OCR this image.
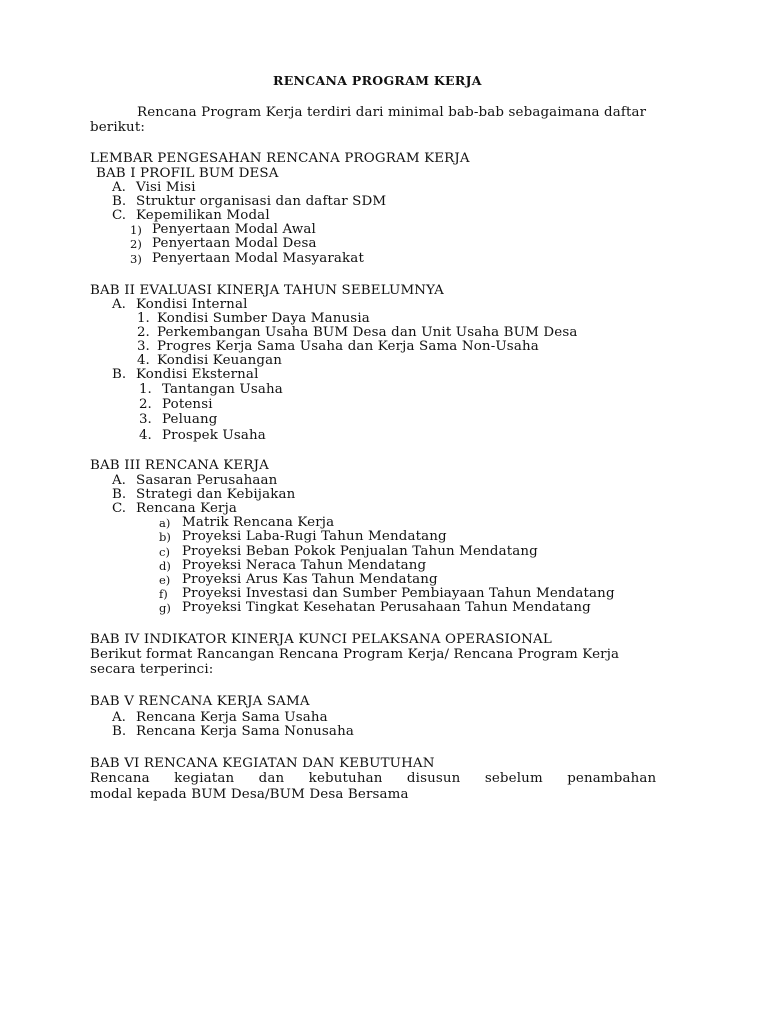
RENCANA PROGRAM KERJA
Rencana Program Kerja terdiri dari minimal bab-bab sebagaimana daftar
berikut:
LEMBAR PENGESAHAN RENCANA PROGRAM KERJA
BAB I PROFIL BUM DESA
A. Visi Misi
B. Struktur organisasi dan daftar SDM
C. Kepemilikan Modal
1) Penyertaan Modal Awal
2) Penyertaan Modal Desa
3) Penyertaan Modal Masyarakat
BAB II EVALUASI KINERJA TAHUN SEBELUMNYA
A. Kondisi Internal
1. Kondisi Sumber Daya Manusia
2. Perkembangan Usaha BUM Desa dan Unit Usaha BUM Desa
3. Progres Kerja Sama Usaha dan Kerja Sama Non-Usaha
4. Kondisi Keuangan
B. Kondisi Eksternal
1. Tantangan Usaha
2. Potensi
3. Peluang
4. Prospek Usaha
BAB III RENCANA KERJA
A. Sasaran Perusahaan
B. Strategi dan Kebijakan
C. Rencana Kerja
a) Matrik Rencana Kerja
b) Proyeksi Laba-Rugi Tahun Mendatang
c) Proyeksi Beban Pokok Penjualan Tahun Mendatang
d) Proyeksi Neraca Tahun Mendatang
e) Proyeksi Arus Kas Tahun Mendatang
f) Proyeksi Investasi dan Sumber Pembiayaan Tahun Mendatang
g) Proyeksi Tingkat Kesehatan Perusahaan Tahun Mendatang
BAB IV INDIKATOR KINERJA KUNCI PELAKSANA OPERASIONAL
Berikut format Rancangan Rencana Program Kerja/ Rencana Program Kerja
secara terperinci:
BAB V RENCANA KERJA SAMA
A. Rencana Kerja Sama Usaha
B. Rencana Kerja Sama Nonusaha
BAB VI RENCANA KEGIATAN DAN KEBUTUHAN
Rencana kegiatan dan kebutuhan disusun sebelum penambahan
modal kepada BUM Desa/BUM Desa Bersama
